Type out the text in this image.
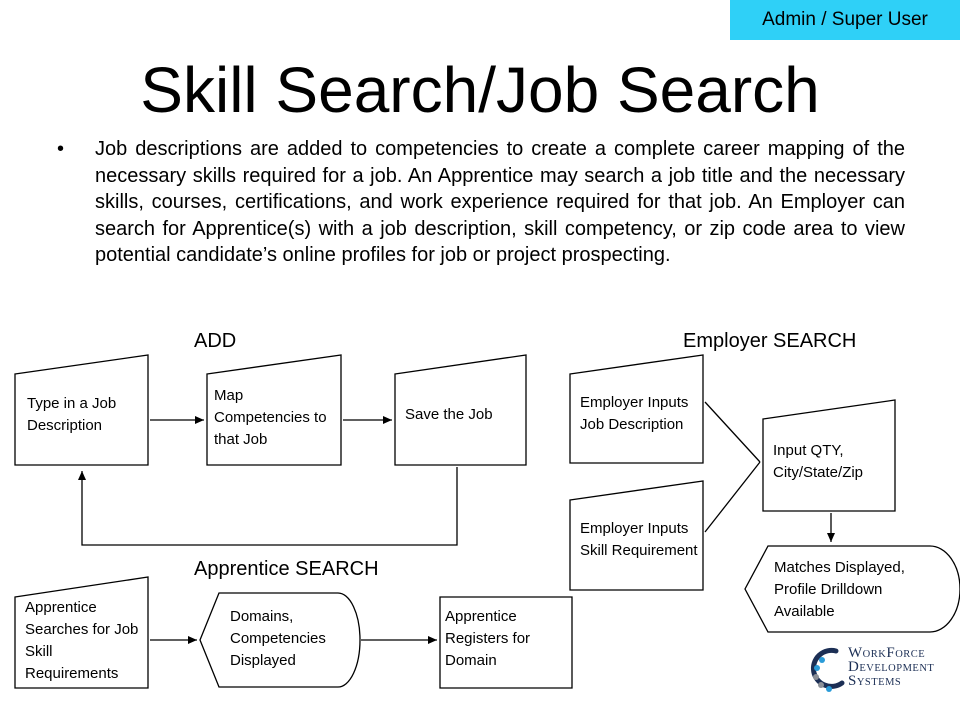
Admin / Super User
Skill Search/Job Search
• Job descriptions are added to competencies to create a complete career mapping of the necessary skills required for a job. An Apprentice may search a job title and the necessary skills, courses, certifications, and work experience required for that job. An Employer can search for Apprentice(s) with a job description, skill competency, or zip code area to view potential candidate’s online profiles for job or project prospecting.

ADD	Employer SEARCH
Apprentice SEARCH
Type in a Job Description
Map Competencies to that Job
Save the Job
Employer Inputs Job Description
Employer Inputs Skill Requirement
Input QTY, City/State/Zip
Matches Displayed, Profile Drilldown Available
Apprentice Searches for Job Skill Requirements
Domains, Competencies Displayed
Apprentice Registers for Domain	WORKFORCE
DEVELOPMENT
SYSTEMS
